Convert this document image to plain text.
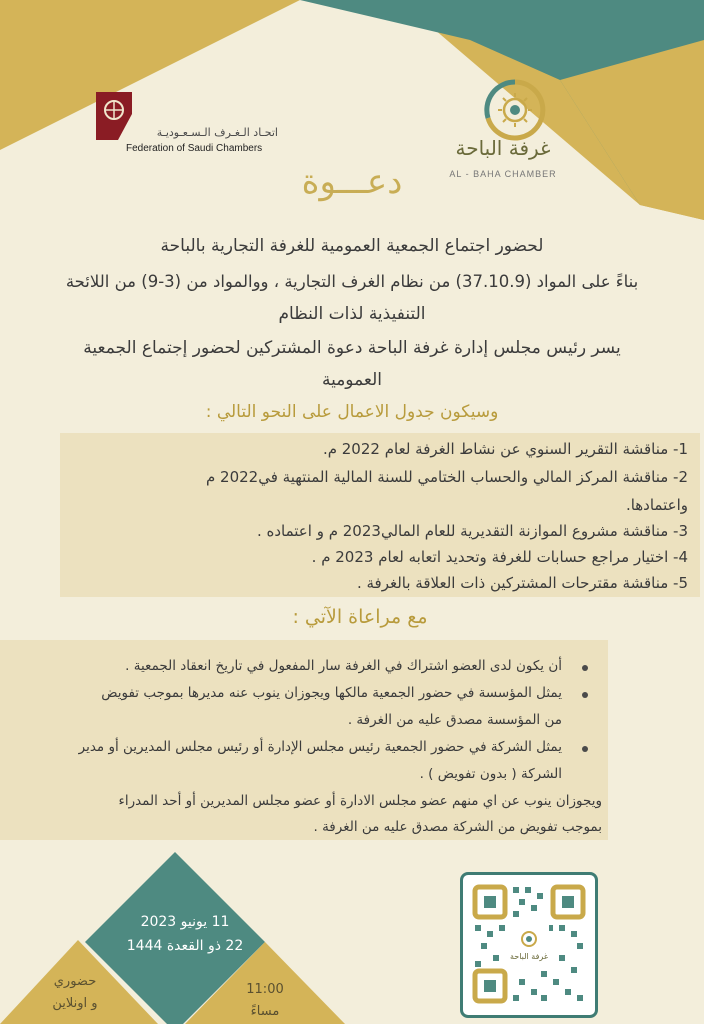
اتحـاد الـغـرف الـسـعـوديـة
Federation of Saudi Chambers	غرفة الباحة
AL - BAHA CHAMBER
دعـــوة
لحضور اجتماع الجمعية العمومية للغرفة التجارية بالباحة
بناءً على المواد (37.10.9) من نظام الغرف التجارية ، ووالمواد من (3-9) من اللائحة
التنفيذية لذات النظام
يسر رئيس مجلس إدارة غرفة الباحة دعوة المشتركين لحضور إجتماع الجمعية
العمومية
وسيكون جدول الاعمال على النحو التالي :
1- مناقشة التقرير السنوي عن نشاط الغرفة لعام 2022 م.
2- مناقشة المركز المالي والحساب الختامي للسنة المالية المنتهية في2022 م
واعتمادها.
3- مناقشة مشروع الموازنة التقديرية للعام المالي2023 م و اعتماده .
4- اختيار مراجع حسابات للغرفة وتحديد اتعابه لعام 2023 م .
5- مناقشة مقترحات المشتركين ذات العلاقة بالغرفة .
مع مراعاة الآتي :
أن يكون لدى العضو اشتراك في الغرفة سار المفعول في تاريخ انعقاد الجمعية .
يمثل المؤسسة في حضور الجمعية مالكها ويجوزان ينوب عنه مديرها بموجب تفويض
من المؤسسة مصدق عليه من الغرفة .
يمثل الشركة في حضور الجمعية رئيس مجلس الإدارة أو رئيس مجلس المديرين أو مدير
الشركة ( بدون تفويض ) .
ويجوزان ينوب عن اي منهم عضو مجلس الادارة أو عضو مجلس المديرين أو أحد المدراء
بموجب تفويض من الشركة مصدق عليه من الغرفة .
11 يونيو 2023
22 ذو القعدة 1444
11:00
مساءً
حضوري
و اونلاين
غرفة الباحة
